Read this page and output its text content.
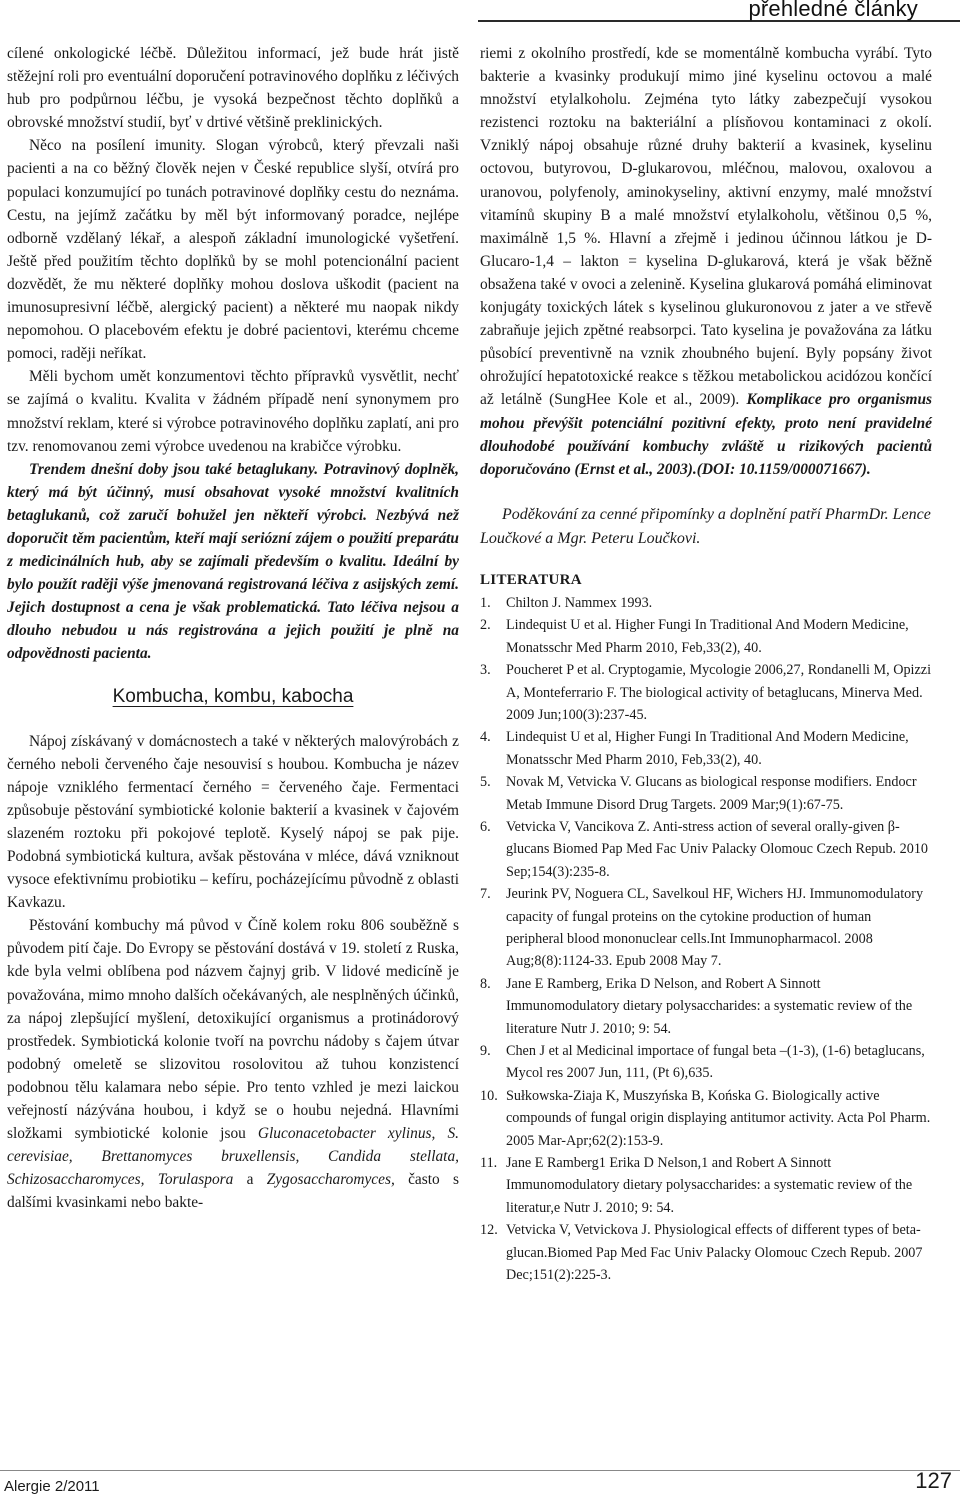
přehledné články

cílené onkologické léčbě. Důležitou informací, jež bude hrát jistě stěžejní roli pro eventuální doporučení potravinového doplňku z léčivých hub pro podpůrnou léčbu, je vysoká bezpečnost těchto doplňků a obrovské množství studií, byť v drtivé většině preklinických.

Něco na posílení imunity. Slogan výrobců, který převzali naši pacienti a na co běžný člověk nejen v České republice slyší, otvírá pro populaci konzumující po tunách potravinové doplňky cestu do neznáma. Cestu, na jejímž začátku by měl být informovaný poradce, nejlépe odborně vzdělaný lékař, a alespoň základní imunologické vyšetření. Ještě před použitím těchto doplňků by se mohl potencionální pacient dozvědět, že mu některé doplňky mohou doslova uškodit (pacient na imunosupresivní léčbě, alergický pacient) a některé mu naopak nikdy nepomohou. O placebovém efektu je dobré pacientovi, kterému chceme pomoci, raději neříkat.

Měli bychom umět konzumentovi těchto přípravků vysvětlit, nechť se zajímá o kvalitu. Kvalita v žádném případě není synonymem pro množství reklam, které si výrobce potravinového doplňku zaplatí, ani pro tzv. renomovanou zemi výrobce uvedenou na krabičce výrobku.

Trendem dnešní doby jsou také betaglukany. Potravinový doplněk, který má být účinný, musí obsahovat vysoké množství kvalitních betaglukanů, což zaručí bohužel jen někteří výrobci. Nezbývá než doporučit těm pacientům, kteří mají seriózní zájem o použití preparátu z medicinálních hub, aby se zajímali především o kvalitu. Ideální by bylo použít raději výše jmenovaná registrovaná léčiva z asijských zemí. Jejich dostupnost a cena je však problematická. Tato léčiva nejsou a dlouho nebudou u nás registrována a jejich použití je plně na odpovědnosti pacienta.

Kombucha, kombu, kabocha

Nápoj získávaný v domácnostech a také v některých malovýrobách z černého neboli červeného čaje nesouvisí s houbou. Kombucha je název nápoje vzniklého fermentací černého = červeného čaje. Fermentaci způsobuje pěstování symbiotické kolonie bakterií a kvasinek v čajovém slazeném roztoku při pokojové teplotě. Kyselý nápoj se pak pije. Podobná symbiotická kultura, avšak pěstována v mléce, dává vzniknout vysoce efektivnímu probiotiku – kefíru, pocházejícímu původně z oblasti Kavkazu.

Pěstování kombuchy má původ v Číně kolem roku 806 souběžně s původem pití čaje. Do Evropy se pěstování dostává v 19. století z Ruska, kde byla velmi oblíbena pod názvem čajnyj grib. V lidové medicíně je považována, mimo mnoho dalších očekávaných, ale nesplněných účinků, za nápoj zlepšující myšlení, detoxikující organismus a protinádorový prostředek. Symbiotická kolonie tvoří na povrchu nádoby s čajem útvar podobný omeletě se slizovitou rosolovitou až tuhou konzistencí podobnou tělu kalamara nebo sépie. Pro tento vzhled je mezi laickou veřejností názývána houbou, i když se o houbu nejedná. Hlavními složkami symbiotické kolonie jsou Gluconacetobacter xylinus, S. cerevisiae, Brettanomyces bruxellensis, Candida stellata, Schizosaccharomyces, Torulaspora a Zygosaccharomyces, často s dalšími kvasinkami nebo bakte-

riemi z okolního prostředí, kde se momentálně kombucha vyrábí. Tyto bakterie a kvasinky produkují mimo jiné kyselinu octovou a malé množství etylalkoholu. Zejména tyto látky zabezpečují vysokou rezistenci roztoku na bakteriální a plísňovou kontaminaci z okolí. Vzniklý nápoj obsahuje různé druhy bakterií a kvasinek, kyselinu octovou, butyrovou, D-glukarovou, mléčnou, malovou, oxalovou a uranovou, polyfenoly, aminokyseliny, aktivní enzymy, malé množství vitamínů skupiny B a malé množství etylalkoholu, většinou 0,5 %, maximálně 1,5 %. Hlavní a zřejmě i jedinou účinnou látkou je D-Glucaro-1,4 – lakton = kyselina D-glukarová, která je však běžně obsažena také v ovoci a zelenině. Kyselina glukarová pomáhá eliminovat konjugáty toxických látek s kyselinou glukuronovou z jater a ve střevě zabraňuje jejich zpětné reabsorpci. Tato kyselina je považována za látku působící preventivně na vznik zhoubného bujení. Byly popsány život ohrožující hepatotoxické reakce s těžkou metabolickou acidózou končící až letálně (SungHee Kole et al., 2009). Komplikace pro organismus mohou převýšit potenciální pozitivní efekty, proto není pravidelné dlouhodobé používání kombuchy zvláště u rizikových pacientů doporučováno (Ernst et al., 2003).(DOI: 10.1159/000071667).

Poděkování za cenné připomínky a doplnění patří PharmDr. Lence Loučkové a Mgr. Peteru Loučkovi.

LITERATURA

1.	Chilton J. Nammex 1993.
2.	Lindequist U et al. Higher Fungi In Traditional And Modern Medicine, Monatsschr Med Pharm 2010, Feb,33(2), 40.
3.	Poucheret P et al. Cryptogamie, Mycologie 2006,27, Rondanelli M, Opizzi A, Monteferrario F. The biological activity of betaglucans, Minerva Med. 2009 Jun;100(3):237-45.
4.	Lindequist U et al, Higher Fungi In Traditional And Modern Medicine, Monatsschr Med Pharm 2010, Feb,33(2), 40.
5.	Novak M, Vetvicka V. Glucans as biological response modifiers. Endocr Metab Immune Disord Drug Targets. 2009 Mar;9(1):67-75.
6.	Vetvicka V, Vancikova Z. Anti-stress action of several orally-given β-glucans Biomed Pap Med Fac Univ Palacky Olomouc Czech Repub. 2010 Sep;154(3):235-8.
7.	Jeurink PV, Noguera CL, Savelkoul HF, Wichers HJ. Immunomodulatory capacity of fungal proteins on the cytokine production of human peripheral blood mononuclear cells.Int Immunopharmacol. 2008 Aug;8(8):1124-33. Epub 2008 May 7.
8.	Jane E Ramberg, Erika D Nelson, and Robert A Sinnott Immunomodulatory dietary polysaccharides: a systematic review of the literature Nutr J. 2010; 9: 54.
9.	Chen J et al Medicinal importace of fungal beta –(1-3), (1-6) betaglucans, Mycol res 2007 Jun, 111, (Pt 6),635.
10. Sułkowska-Ziaja K, Muszyńska B, Końska G. Biologically active compounds of fungal origin displaying antitumor activity. Acta Pol Pharm. 2005 Mar-Apr;62(2):153-9.
11. Jane E Ramberg1 Erika D Nelson,1 and Robert A Sinnott Immunomodulatory dietary polysaccharides: a systematic review of the literatur,e Nutr J. 2010; 9: 54.
12. Vetvicka V, Vetvickova J. Physiological effects of different types of beta-glucan.Biomed Pap Med Fac Univ Palacky Olomouc Czech Repub. 2007 Dec;151(2):225-3.
Alergie 2/2011	127
